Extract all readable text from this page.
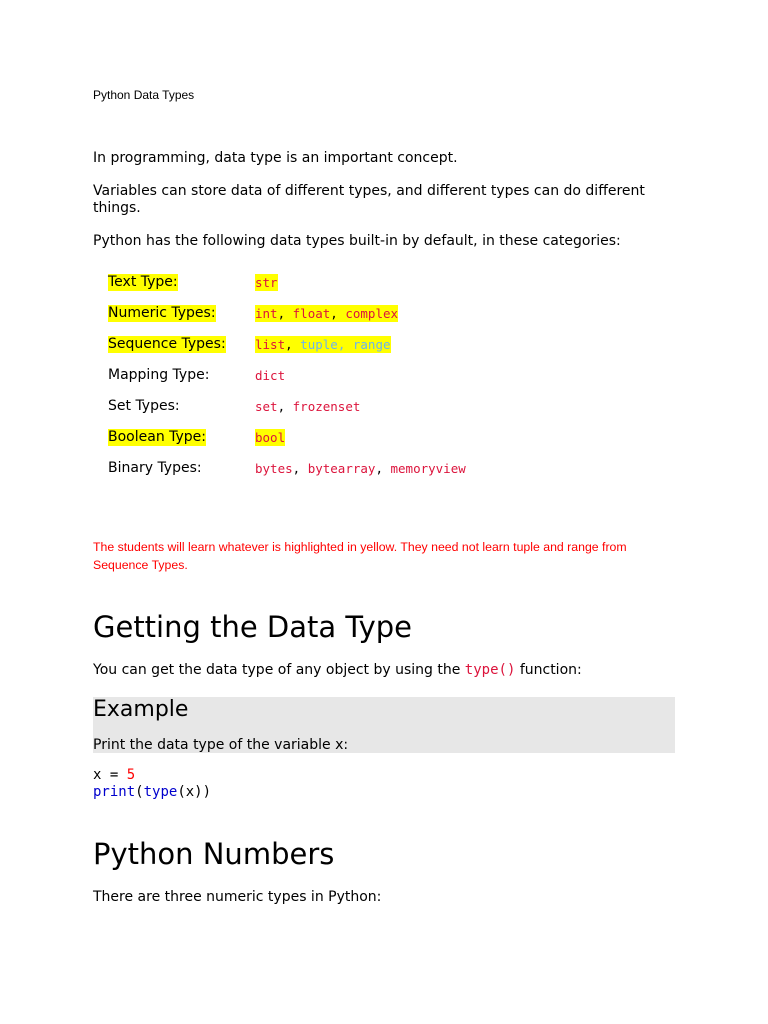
Python Data Types
In programming, data type is an important concept.
Variables can store data of different types, and different types can do different things.
Python has the following data types built-in by default, in these categories:
Text Type:	str
Numeric Types:	int, float, complex
Sequence Types: list, tuple, range
Mapping Type:	dict
Set Types:	set, frozenset
Boolean Type:	bool
Binary Types:	bytes, bytearray, memoryview
The students will learn whatever is highlighted in yellow. They need not learn tuple and range from Sequence Types.
Getting the Data Type
You can get the data type of any object by using the type() function:
Example
Print the data type of the variable x:
x = 5
print(type(x))
Python Numbers
There are three numeric types in Python:
